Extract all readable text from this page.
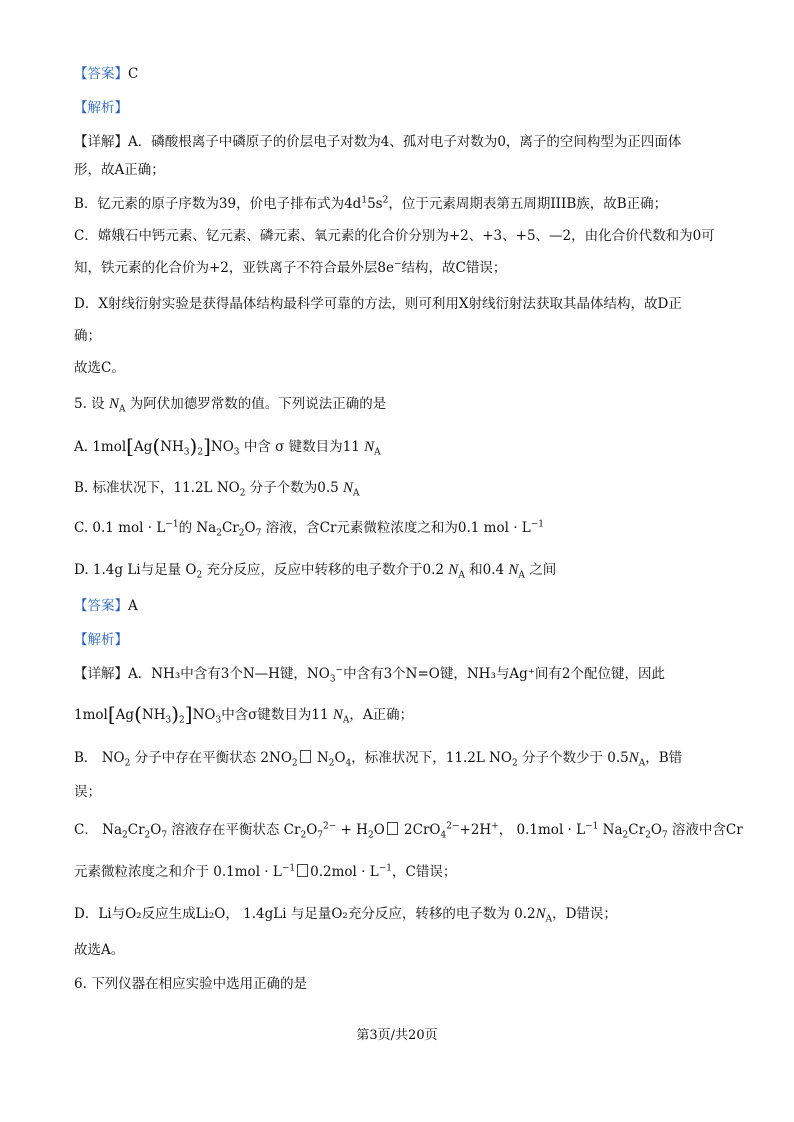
【答案】C
【解析】
【详解】A．磷酸根离子中磷原子的价层电子对数为4、孤对电子对数为0，离子的空间构型为正四面体
形，故A正确；
B．钇元素的原子序数为39，价电子排布式为$4d^15s^2$，位于元素周期表第五周期IIIB族，故B正确；
C．嫦娥石中钙元素、钇元素、磷元素、氧元素的化合价分别为+2、+3、+5、—2，由化合价代数和为0可
知，铁元素的化合价为+2，亚铁离子不符合最外层8e−结构，故C错误；
D．X射线衍射实验是获得晶体结构最科学可靠的方法，则可利用X射线衍射法获取其晶体结构，故D正
确；
故选C。
5. 设 $N_A$ 为阿伏加德罗常数的值。下列说法正确的是
A. $1mol[Ag(NH_3)_2]NO_3$ 中含 σ 键数目为11 $N_A$
B. 标准状况下，11.2L $NO_2$ 分子个数为0.5 $N_A$
C. 0.1 mol · $L^{-1}$的 $Na_2Cr_2O_7$ 溶液，含Cr元素微粒浓度之和为0.1 mol · $L^{-1}$
D. 1.4g Li与足量 $O_2$ 充分反应，反应中转移的电子数介于0.2 $N_A$ 和0.4 $N_A$ 之间
【答案】A
【解析】
【详解】A．NH₃中含有3个N—H键，$NO_3^-$中含有3个N=O键，NH₃与Ag⁺间有2个配位键，因此
$1mol[Ag(NH_3)_2]NO_3$中含σ键数目为11 $N_A$，A正确；
B． $NO_2$ 分子中存在平衡状态 $2NO_2$ $N_2O_4$，标准状况下，11.2L $NO_2$ 分子个数少于 $0.5N_A$，B错
误；
C． $Na_2Cr_2O_7$ 溶液存在平衡状态 $Cr_2O_7^{2-} + H_2O$ 2CrO$_4^{2-}$+2H+， $0.1mol \cdot L^{-1}$ $Na_2Cr_2O_7$ 溶液中含Cr
元素微粒浓度之和介于 $0.1mol \cdot L^{-1}$ $0.2mol \cdot L^{-1}$，C错误；
D．Li与O₂反应生成Li₂O， 1.4gLi 与足量O₂充分反应，转移的电子数为 $0.2N_A$，D错误；
故选A。
6. 下列仪器在相应实验中选用正确的是
第3页/共20页
